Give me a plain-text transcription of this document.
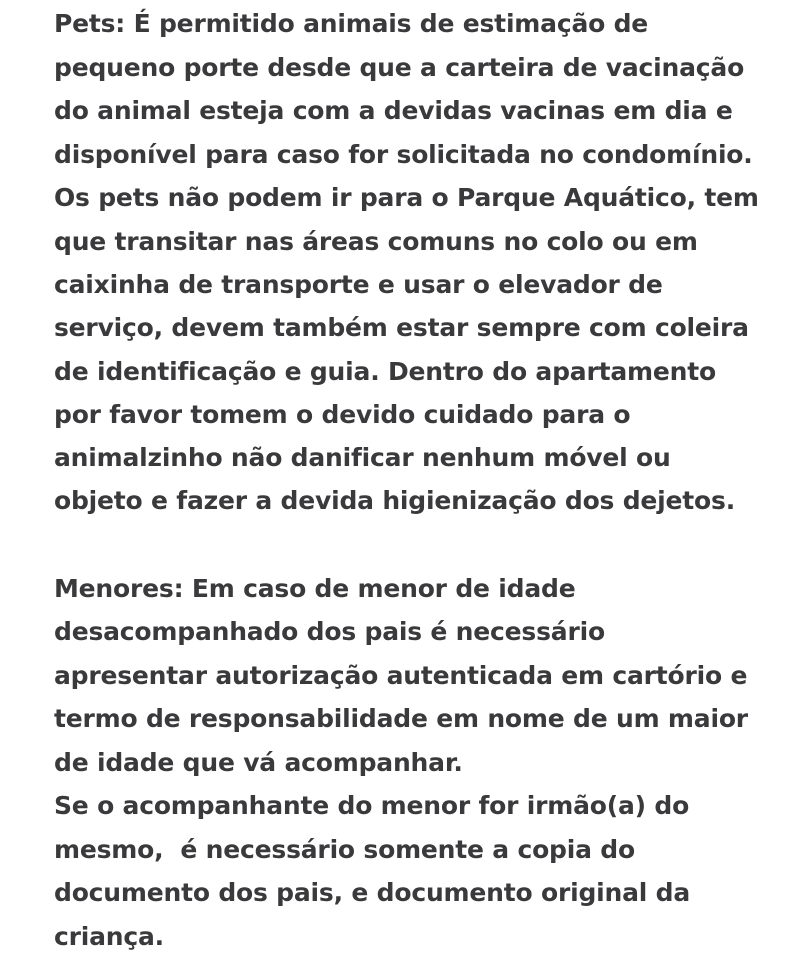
Pets: É permitido animais de estimação de
pequeno porte desde que a carteira de vacinação
do animal esteja com a devidas vacinas em dia e
disponível para caso for solicitada no condomínio.
Os pets não podem ir para o Parque Aquático, tem
que transitar nas áreas comuns no colo ou em
caixinha de transporte e usar o elevador de
serviço, devem também estar sempre com coleira
de identificação e guia. Dentro do apartamento
por favor tomem o devido cuidado para o
animalzinho não danificar nenhum móvel ou
objeto e fazer a devida higienização dos dejetos.
Menores: Em caso de menor de idade
desacompanhado dos pais é necessário
apresentar autorização autenticada em cartório e
termo de responsabilidade em nome de um maior
de idade que vá acompanhar.
Se o acompanhante do menor for irmão(a) do
mesmo,  é necessário somente a copia do
documento dos pais, e documento original da
criança.
